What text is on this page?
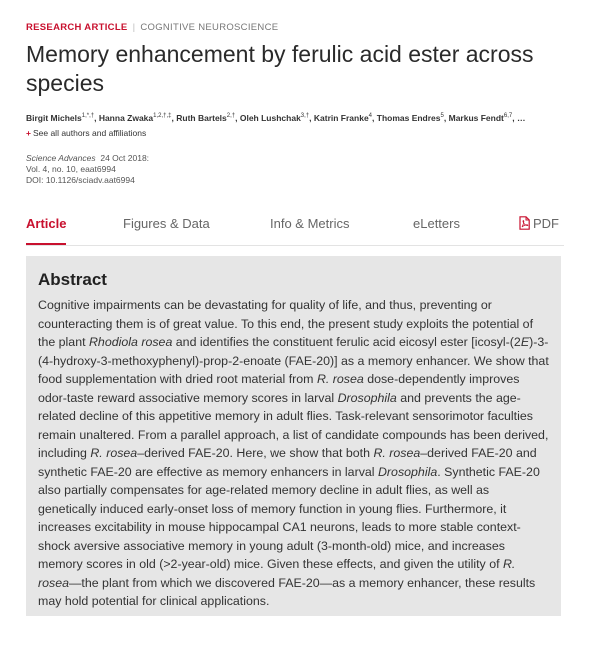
RESEARCH ARTICLE | COGNITIVE NEUROSCIENCE
Memory enhancement by ferulic acid ester across species
Birgit Michels$^{1,*,\dagger}$, Hanna Zwaka$^{1,2,\dagger,\ddagger}$, Ruth Bartels$^{2,\dagger}$, Oleh Lushchak$^{3,\dagger}$, Katrin Franke$^4$, Thomas Endres$^5$, Markus Fendt$^{6,7}$, …
+ See all authors and affiliations
Science Advances 24 Oct 2018:
Vol. 4, no. 10, eaat6994
DOI: 10.1126/sciadv.aat6994
Article	Figures & Data	Info & Metrics	eLetters	PDF
Abstract

Cognitive impairments can be devastating for quality of life, and thus, preventing or counteracting them is of great value. To this end, the present study exploits the potential of the plant Rhodiola rosea and identifies the constituent ferulic acid eicosyl ester [icosyl-(2E)-3-(4-hydroxy-3-methoxyphenyl)-prop-2-enoate (FAE-20)] as a memory enhancer. We show that food supplementation with dried root material from R. rosea dose-dependently improves odor-taste reward associative memory scores in larval Drosophila and prevents the age-related decline of this appetitive memory in adult flies. Task-relevant sensorimotor faculties remain unaltered. From a parallel approach, a list of candidate compounds has been derived, including R. rosea–derived FAE-20. Here, we show that both R. rosea–derived FAE-20 and synthetic FAE-20 are effective as memory enhancers in larval Drosophila. Synthetic FAE-20 also partially compensates for age-related memory decline in adult flies, as well as genetically induced early-onset loss of memory function in young flies. Furthermore, it increases excitability in mouse hippocampal CA1 neurons, leads to more stable context-shock aversive associative memory in young adult (3-month-old) mice, and increases memory scores in old (>2-year-old) mice. Given these effects, and given the utility of R. rosea—the plant from which we discovered FAE-20—as a memory enhancer, these results may hold potential for clinical applications.
